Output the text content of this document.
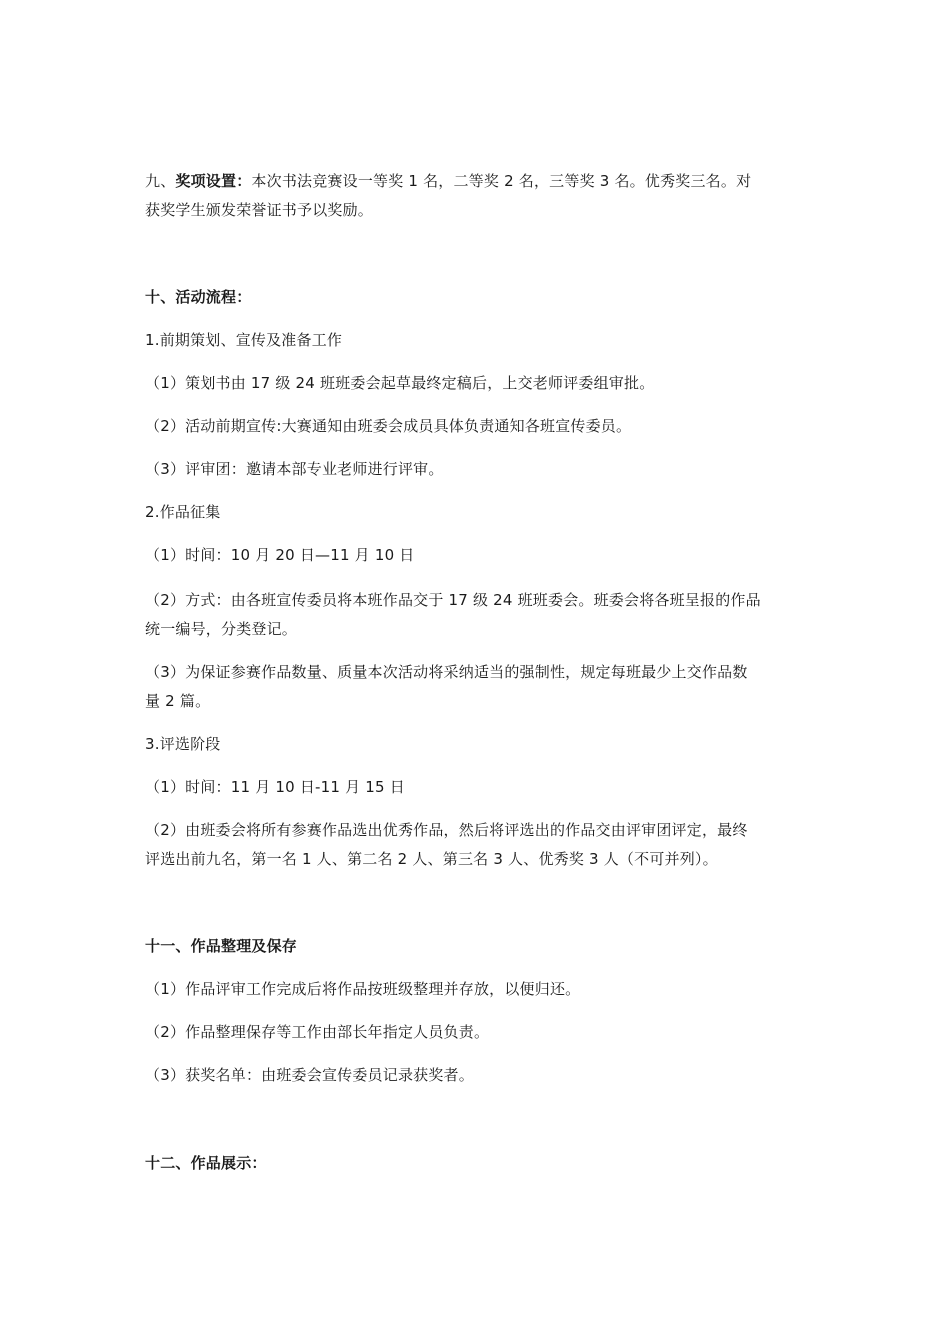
九、奖项设置：本次书法竞赛设一等奖 1 名，二等奖 2 名，三等奖 3 名。优秀奖三名。对
获奖学生颁发荣誉证书予以奖励。
十、活动流程：
1.前期策划、宣传及准备工作
（1）策划书由 17 级 24 班班委会起草最终定稿后，上交老师评委组审批。
（2）活动前期宣传:大赛通知由班委会成员具体负责通知各班宣传委员。
（3）评审团：邀请本部专业老师进行评审。
2.作品征集
（1）时间：10 月 20 日—11 月 10 日
（2）方式：由各班宣传委员将本班作品交于 17 级 24 班班委会。班委会将各班呈报的作品
统一编号，分类登记。
（3）为保证参赛作品数量、质量本次活动将采纳适当的强制性，规定每班最少上交作品数
量 2 篇。
3.评选阶段
（1）时间：11 月 10 日-11 月 15 日
（2）由班委会将所有参赛作品选出优秀作品，然后将评选出的作品交由评审团评定，最终
评选出前九名，第一名 1 人、第二名 2 人、第三名 3 人、优秀奖 3 人（不可并列）。
十一、作品整理及保存
（1）作品评审工作完成后将作品按班级整理并存放，以便归还。
（2）作品整理保存等工作由部长年指定人员负责。
（3）获奖名单：由班委会宣传委员记录获奖者。
十二、作品展示：
